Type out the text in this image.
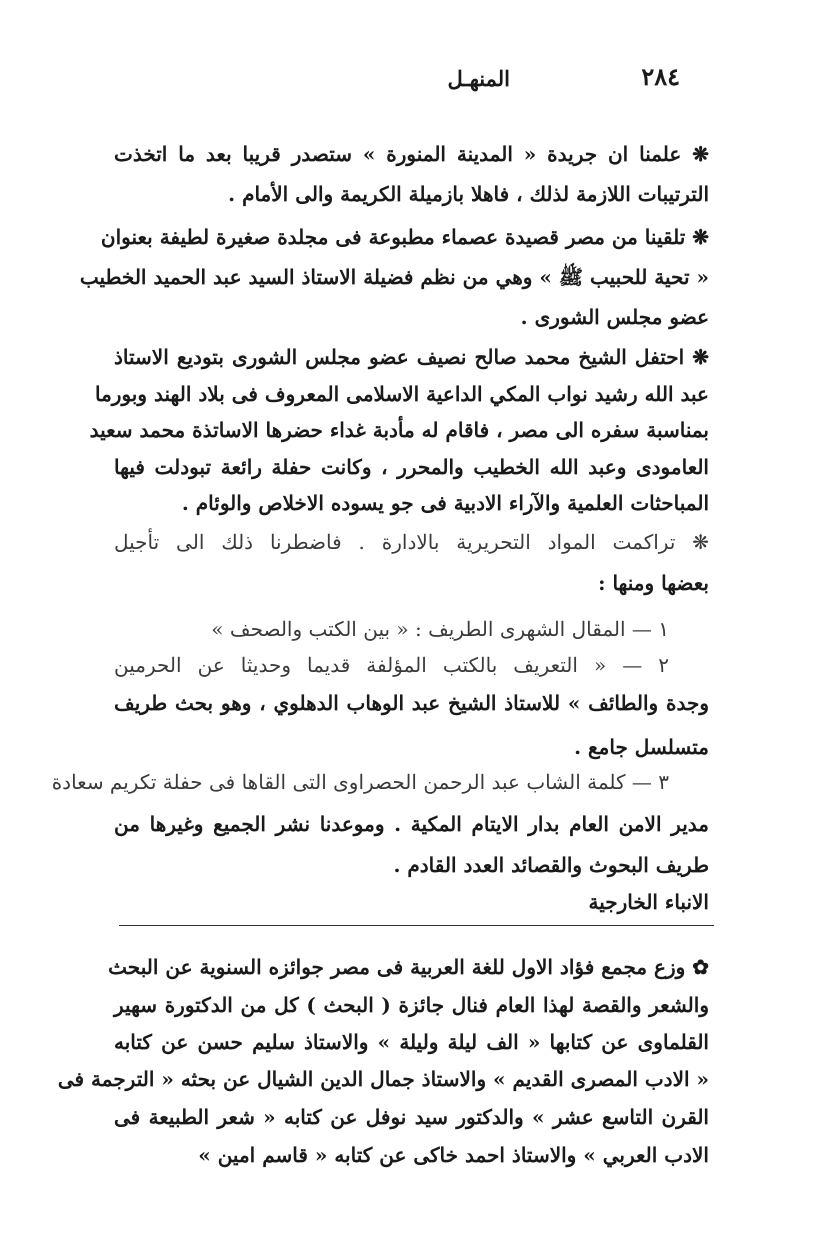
٢٨٤
المنهـل
❋ علمنا ان جريدة « المدينة المنورة » ستصدر قريبا بعد ما اتخذت
الترتيبات اللازمة لذلك ، فاهلا بازميلة الكريمة والى الأمام .
❋ تلقينا من مصر قصيدة عصماء مطبوعة فى مجلدة صغيرة لطيفة بعنوان
« تحية للحبيب ﷺ » وهي من نظم فضيلة الاستاذ السيد عبد الحميد الخطيب
عضو مجلس الشورى .
❋ احتفل الشيخ محمد صالح نصيف عضو مجلس الشورى بتوديع الاستاذ
عبد الله رشيد نواب المكي الداعية الاسلامى المعروف فى بلاد الهند وبورما
بمناسبة سفره الى مصر ، فاقام له مأدبة غداء حضرها الاساتذة محمد سعيد
العامودى وعبد الله الخطيب والمحرر ، وكانت حفلة رائعة تبودلت فيها
المباحثات العلمية والآراء الادبية فى جو يسوده الاخلاص والوئام .
❋ تراكمت المواد التحريرية بالادارة . فاضطرنا ذلك الى تأجيل
بعضها ومنها :
١ — المقال الشهرى الطريف : « بين الكتب والصحف »
٢ — « التعريف بالكتب المؤلفة قديما وحديثا عن الحرمين
وجدة والطائف » للاستاذ الشيخ عبد الوهاب الدهلوي ، وهو بحث طريف
متسلسل جامع .
٣ — كلمة الشاب عبد الرحمن الحصراوى التى القاها فى حفلة تكريم سعادة
مدير الامن العام بدار الايتام المكية . وموعدنا نشر الجميع وغيرها من
طريف البحوث والقصائد العدد القادم .
الانباء الخارجية
✿ وزع مجمع فؤاد الاول للغة العربية فى مصر جوائزه السنوية عن البحث
والشعر والقصة لهذا العام فنال جائزة ( البحث ) كل من الدكتورة سهير
القلماوى عن كتابها « الف ليلة وليلة » والاستاذ سليم حسن عن كتابه
« الادب المصرى القديم » والاستاذ جمال الدين الشيال عن بحثه « الترجمة فى
القرن التاسع عشر » والدكتور سيد نوفل عن كتابه « شعر الطبيعة فى
الادب العربي » والاستاذ احمد خاكى عن كتابه « قاسم امين »
